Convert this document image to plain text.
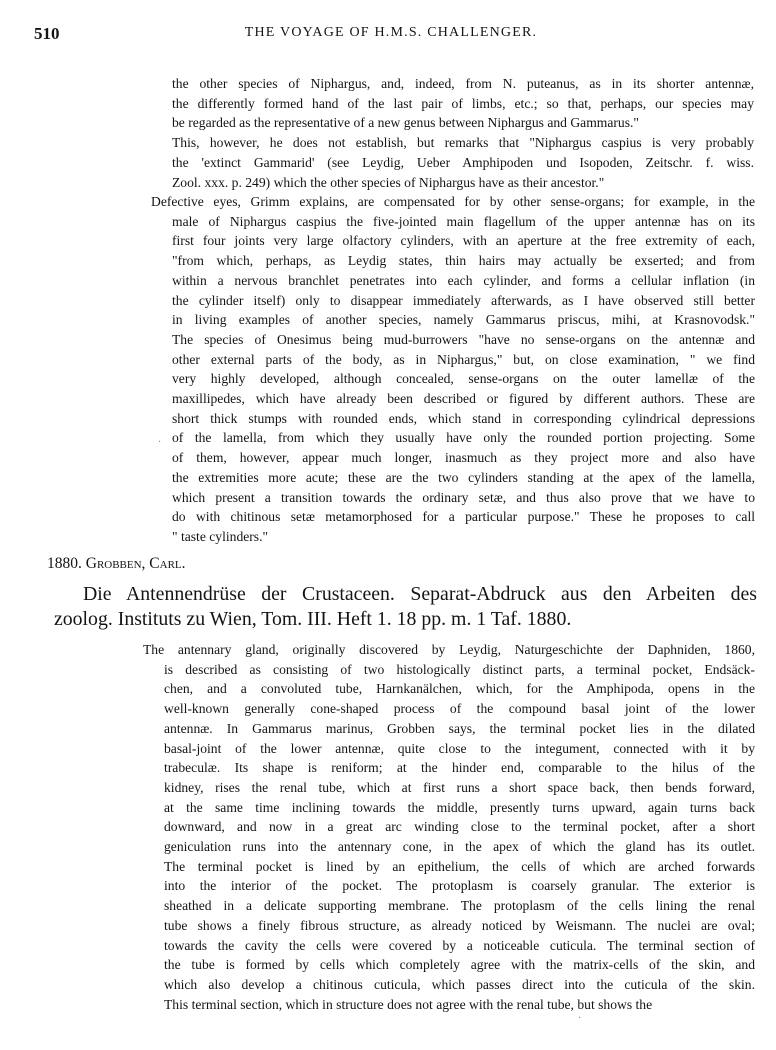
510	THE VOYAGE OF H.M.S. CHALLENGER.

the other species of Niphargus, and, indeed, from N. puteanus, as in its shorter antennæ,

the differently formed hand of the last pair of limbs, etc.; so that, perhaps, our species may

be regarded as the representative of a new genus between Niphargus and Gammarus."

This, however, he does not establish, but remarks that "Niphargus caspius is very probably

the 'extinct Gammarid' (see Leydig, Ueber Amphipoden und Isopoden, Zeitschr. f. wiss.

Zool. xxx. p. 249) which the other species of Niphargus have as their ancestor."

Defective eyes, Grimm explains, are compensated for by other sense-organs; for example, in the

male of Niphargus caspius the five-jointed main flagellum of the upper antennæ has on its

first four joints very large olfactory cylinders, with an aperture at the free extremity of each,

"from which, perhaps, as Leydig states, thin hairs may actually be exserted; and from

within a nervous branchlet penetrates into each cylinder, and forms a cellular inflation (in

the cylinder itself) only to disappear immediately afterwards, as I have observed still better

in living examples of another species, namely Gammarus priscus, mihi, at Krasnovodsk."

The species of Onesimus being mud-burrowers "have no sense-organs on the antennæ and

other external parts of the body, as in Niphargus," but, on close examination, " we find

very highly developed, although concealed, sense-organs on the outer lamellæ of the

maxillipedes, which have already been described or figured by different authors. These are

short thick stumps with rounded ends, which stand in corresponding cylindrical depressions

of the lamella, from which they usually have only the rounded portion projecting. Some

of them, however, appear much longer, inasmuch as they project more and also have

the extremities more acute; these are the two cylinders standing at the apex of the lamella,

which present a transition towards the ordinary setæ, and thus also prove that we have to

do with chitinous setæ metamorphosed for a particular purpose." These he proposes to call

" taste cylinders."

1880. Grobben, Carl.

Die Antennendrüse der Crustaceen. Separat-Abdruck aus den Arbeiten des

zoolog. Instituts zu Wien, Tom. III. Heft 1. 18 pp. m. 1 Taf. 1880.

The antennary gland, originally discovered by Leydig, Naturgeschichte der Daphniden, 1860,

is described as consisting of two histologically distinct parts, a terminal pocket, Endsäck-

chen, and a convoluted tube, Harnkanälchen, which, for the Amphipoda, opens in the

well-known generally cone-shaped process of the compound basal joint of the lower

antennæ. In Gammarus marinus, Grobben says, the terminal pocket lies in the dilated

basal-joint of the lower antennæ, quite close to the integument, connected with it by

trabeculæ. Its shape is reniform; at the hinder end, comparable to the hilus of the

kidney, rises the renal tube, which at first runs a short space back, then bends forward,

at the same time inclining towards the middle, presently turns upward, again turns back

downward, and now in a great arc winding close to the terminal pocket, after a short

geniculation runs into the antennary cone, in the apex of which the gland has its outlet.

The terminal pocket is lined by an epithelium, the cells of which are arched forwards

into the interior of the pocket. The protoplasm is coarsely granular. The exterior is

sheathed in a delicate supporting membrane. The protoplasm of the cells lining the renal

tube shows a finely fibrous structure, as already noticed by Weismann. The nuclei are oval;

towards the cavity the cells were covered by a noticeable cuticula. The terminal section of

the tube is formed by cells which completely agree with the matrix-cells of the skin, and

which also develop a chitinous cuticula, which passes direct into the cuticula of the skin.

This terminal section, which in structure does not agree with the renal tube, but shows the

·
·
